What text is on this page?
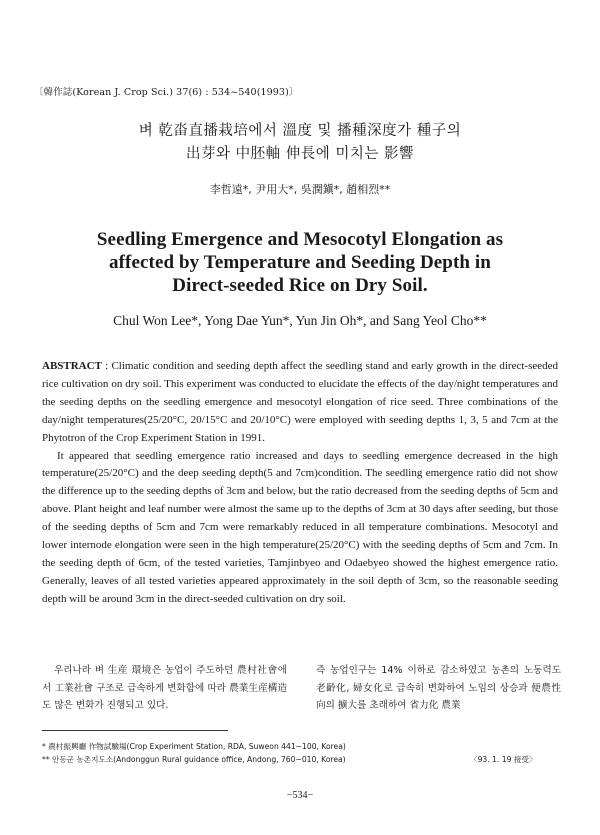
〔韓作誌(Korean J. Crop Sci.) 37(6) : 534~540(1993)〕
벼 乾畓直播栽培에서 溫度 및 播種深度가 種子의
出芽와 中胚軸 伸長에 미치는 影響
李哲遠*, 尹用大*, 吳潤鎭*, 趙相烈**
Seedling Emergence and Mesocotyl Elongation as
affected by Temperature and Seeding Depth in
Direct-seeded Rice on Dry Soil.
Chul Won Lee*, Yong Dae Yun*, Yun Jin Oh*, and Sang Yeol Cho**

ABSTRACT : Climatic condition and seeding depth affect the seedling stand and early growth in the direct-seeded rice cultivation on dry soil. This experiment was conducted to elucidate the effects of the day/night temperatures and the seeding depths on the seedling emergence and mesocotyl elongation of rice seed. Three combinations of the day/night temperatures(25/20°C, 20/15°C and 20/10°C) were employed with seeding depths 1, 3, 5 and 7cm at the Phytotron of the Crop Experiment Station in 1991.

It appeared that seedling emergence ratio increased and days to seedling emergence decreased in the high temperature(25/20°C) and the deep seeding depth(5 and 7cm)condition. The seedling emergence ratio did not show the difference up to the seeding depths of 3cm and below, but the ratio decreased from the seeding depths of 5cm and above. Plant height and leaf number were almost the same up to the depths of 3cm at 30 days after seeding, but those of the seeding depths of 5cm and 7cm were remarkably reduced in all temperature combinations. Mesocotyl and lower internode elongation were seen in the high temperature(25/20°C) with the seeding depths of 5cm and 7cm. In the seeding depth of 6cm, of the tested varieties, Tamjinbyeo and Odaebyeo showed the highest emergence ratio. Generally, leaves of all tested varieties appeared approximately in the soil depth of 3cm, so the reasonable seeding depth will be around 3cm in the direct-seeded cultivation on dry soil.

우리나라 벼 生産 環境은 농업이 주도하던 農村社會에서 工業社會 구조로 급속하게 변화함에 따라 農業生産構造도 많은 변화가 진행되고 있다.
즉 농업인구는 14% 이하로 감소하였고 농촌의 노동력도 老齡化, 婦女化로 급속히 변화하여 노임의 상승과 便農性向의 擴大를 초래하여 省力化 農業
* 農村振興廳 作物試驗場(Crop Experiment Station, RDA, Suweon 441−100, Korea)
** 안동군 농촌지도소(Andonggun Rural guidance office, Andong, 760−010, Korea)	〈93. 1. 19 接受〉
−534−
